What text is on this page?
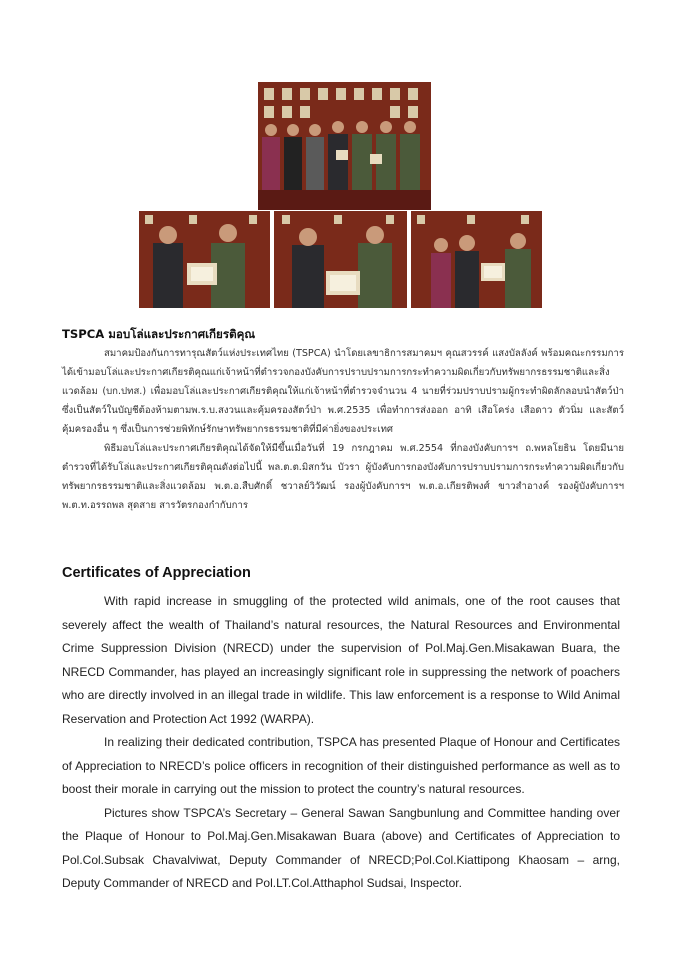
TSPCA มอบโล่และประกาศเกียรติคุณ

สมาคมป้องกันการทารุณสัตว์แห่งประเทศไทย (TSPCA) นำโดยเลขาธิการสมาคมฯ คุณสวรรค์ แสงบัลลังค์ พร้อมคณะกรรมการได้เข้ามอบโล่และประกาศเกียรติคุณแก่เจ้าหน้าที่ตำรวจกองบังคับการปราบปรามการกระทำความผิดเกี่ยวกับทรัพยากรธรรมชาติและสิ่งแวดล้อม (บก.ปทส.) เพื่อมอบโล่และประกาศเกียรติคุณให้แก่เจ้าหน้าที่ตำรวจจำนวน 4 นายที่ร่วมปราบปรามผู้กระทำผิดลักลอบนำสัตว์ป่าซึ่งเป็นสัตว์ในบัญชีต้องห้ามตามพ.ร.บ.สงวนและคุ้มครองสัตว์ป่า พ.ศ.2535 เพื่อทำการส่งออก อาทิ เสือโคร่ง เสือดาว ตัวนิ่ม และสัตว์คุ้มครองอื่น ๆ ซึ่งเป็นการช่วยพิทักษ์รักษาทรัพยากรธรรมชาติที่มีค่ายิ่งของประเทศ

พิธีมอบโล่และประกาศเกียรติคุณได้จัดให้มีขึ้นเมื่อวันที่ 19 กรกฎาคม พ.ศ.2554 ที่กองบังคับการฯ ถ.พหลโยธิน โดยมีนายตำรวจที่ได้รับโล่และประกาศเกียรติคุณดังต่อไปนี้ พล.ต.ต.มิสกวัน บัวรา ผู้บังคับการกองบังคับการปราบปรามการกระทำความผิดเกี่ยวกับทรัพยากรธรรมชาติและสิ่งแวดล้อม พ.ต.อ.สืบศักดิ์ ชวาลย์วิวัฒน์ รองผู้บังคับการฯ พ.ต.อ.เกียรติพงศ์ ขาวสำอางค์ รองผู้บังคับการฯ พ.ต.ท.อรรถพล สุดสาย สารวัตรกองกำกับการ

Certificates of Appreciation

With rapid increase in smuggling of the protected wild animals, one of the root causes that severely affect the wealth of Thailand’s natural resources, the Natural Resources and Environmental Crime Suppression Division (NRECD) under the supervision of Pol.Maj.Gen.Misakawan Buara, the NRECD Commander, has played an increasingly significant role in suppressing the network of poachers who are directly involved in an illegal trade in wildlife. This law enforcement is a response to Wild Animal Reservation and Protection Act 1992 (WARPA).

In realizing their dedicated contribution, TSPCA has presented Plaque of Honour and Certificates of Appreciation to NRECD’s police officers in recognition of their distinguished performance as well as to boost their morale in carrying out the mission to protect the country’s natural resources.

Pictures show TSPCA’s Secretary – General Sawan Sangbunlung and Committee handing over the Plaque of Honour to Pol.Maj.Gen.Misakawan Buara (above) and Certificates of Appreciation to Pol.Col.Subsak Chavalviwat, Deputy Commander of NRECD;Pol.Col.Kiattipong Khaosam – arng, Deputy Commander of NRECD and Pol.LT.Col.Atthaphol Sudsai, Inspector.
